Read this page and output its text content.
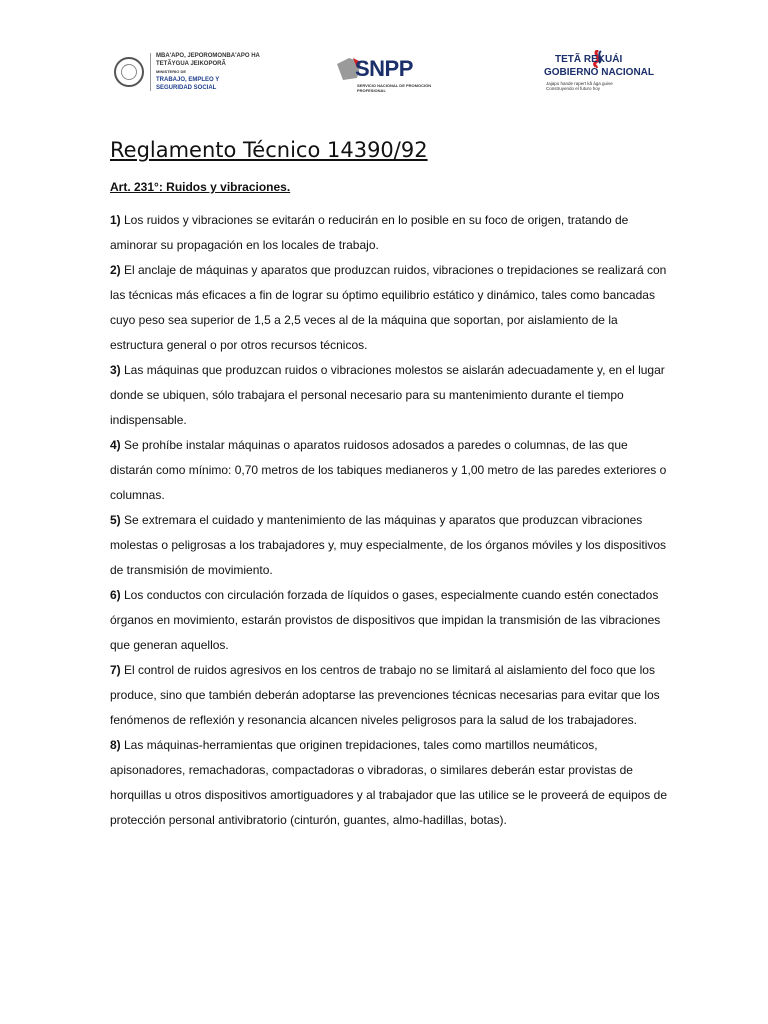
MBA'APO, JEPOROMONBA'APO HA
TETÃYGUA JEIKOPORÃ
MINISTERIO DE
TRABAJO, EMPLEO Y
SEGURIDAD SOCIAL
SNPP
SERVICIO NACIONAL DE PROMOCIÓN PROFESIONAL
TETÃ REKUÁI
GOBIERNO NACIONAL
Jajapo hande rapert kã ága guive
Construyendo el futuro hoy
Reglamento Técnico 14390/92

Art. 231°: Ruidos y vibraciones.

1) Los ruidos y vibraciones se evitarán o reducirán en lo posible en su foco de origen, tratando de aminorar su propagación en los locales de trabajo.

2) El anclaje de máquinas y aparatos que produzcan ruidos, vibraciones o trepidaciones se realizará con las técnicas más eficaces a fin de lograr su óptimo equilibrio estático y dinámico, tales como bancadas cuyo peso sea superior de 1,5 a 2,5 veces al de la máquina que soportan, por aislamiento de la estructura general o por otros recursos técnicos.

3) Las máquinas que produzcan ruidos o vibraciones molestos se aislarán adecuadamente y, en el lugar donde se ubiquen, sólo trabajara el personal necesario para su mantenimiento durante el tiempo indispensable.

4) Se prohíbe instalar máquinas o aparatos ruidosos adosados a paredes o columnas, de las que distarán como mínimo: 0,70 metros de los tabiques medianeros y 1,00 metro de las paredes exteriores o columnas.

5) Se extremara el cuidado y mantenimiento de las máquinas y aparatos que produzcan vibraciones molestas o peligrosas a los trabajadores y, muy especialmente, de los órganos móviles y los dispositivos de transmisión de movimiento.

6) Los conductos con circulación forzada de líquidos o gases, especialmente cuando estén conectados órganos en movimiento, estarán provistos de dispositivos que impidan la transmisión de las vibraciones que generan aquellos.

7) El control de ruidos agresivos en los centros de trabajo no se limitará al aislamiento del foco que los produce, sino que también deberán adoptarse las prevenciones técnicas necesarias para evitar que los fenómenos de reflexión y resonancia alcancen niveles peligrosos para la salud de los trabajadores.

8) Las máquinas-herramientas que originen trepidaciones, tales como martillos neumáticos, apisonadores, remachadoras, compactadoras o vibradoras, o similares deberán estar provistas de horquillas u otros dispositivos amortiguadores y al trabajador que las utilice se le proveerá de equipos de protección personal antivibratorio (cinturón, guantes, almo-hadillas, botas).
